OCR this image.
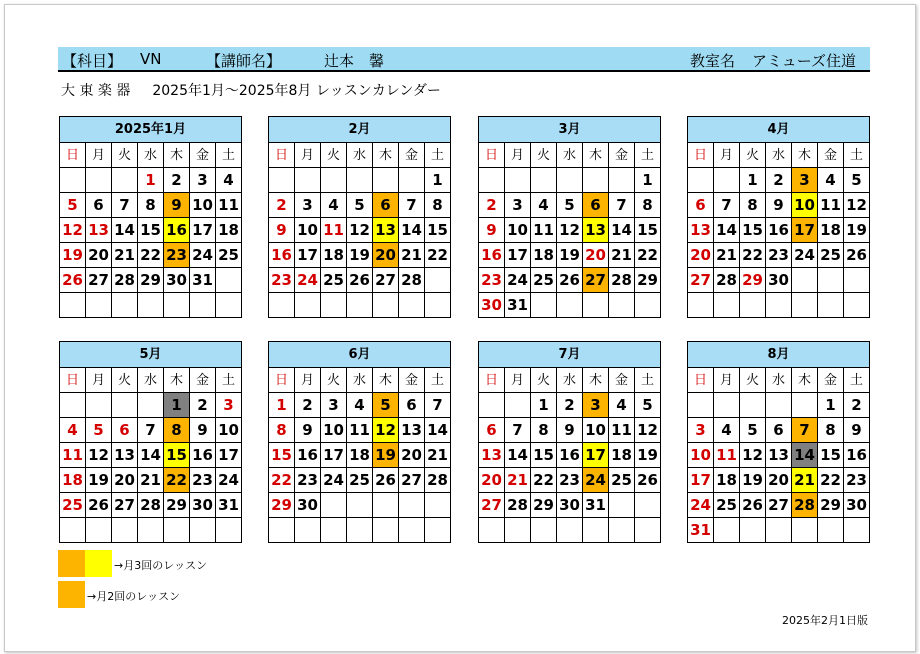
【科目】 VN	【講師名】	辻本　馨	教室名 アミューズ住道
大 東 楽 器 2025年1月～2025年8月 レッスンカレンダー
2025年1月						
日	月	火	水	木	金	土
			1	2	3	4
5	6	7	8	9	10	11
12	13	14	15	16	17	18
19	20	21	22	23	24	25
26	27	28	29	30	31	

2月						
日	月	火	水	木	金	土
						1
2	3	4	5	6	7	8
9	10	11	12	13	14	15
16	17	18	19	20	21	22
23	24	25	26	27	28	

3月						
日	月	火	水	木	金	土
						1
2	3	4	5	6	7	8
9	10	11	12	13	14	15
16	17	18	19	20	21	22
23	24	25	26	27	28	29
30	31					
4月						
日	月	火	水	木	金	土
		1	2	3	4	5
6	7	8	9	10	11	12
13	14	15	16	17	18	19
20	21	22	23	24	25	26
27	28	29	30			

5月						
日	月	火	水	木	金	土
				1	2	3
4	5	6	7	8	9	10
11	12	13	14	15	16	17
18	19	20	21	22	23	24
25	26	27	28	29	30	31

6月						
日	月	火	水	木	金	土
1	2	3	4	5	6	7
8	9	10	11	12	13	14
15	16	17	18	19	20	21
22	23	24	25	26	27	28
29	30					

7月						
日	月	火	水	木	金	土
		1	2	3	4	5
6	7	8	9	10	11	12
13	14	15	16	17	18	19
20	21	22	23	24	25	26
27	28	29	30	31		

8月						
日	月	火	水	木	金	土
					1	2
3	4	5	6	7	8	9
10	11	12	13	14	15	16
17	18	19	20	21	22	23
24	25	26	27	28	29	30
31						
→月3回のレッスン
→月2回のレッスン
2025年2月1日版
